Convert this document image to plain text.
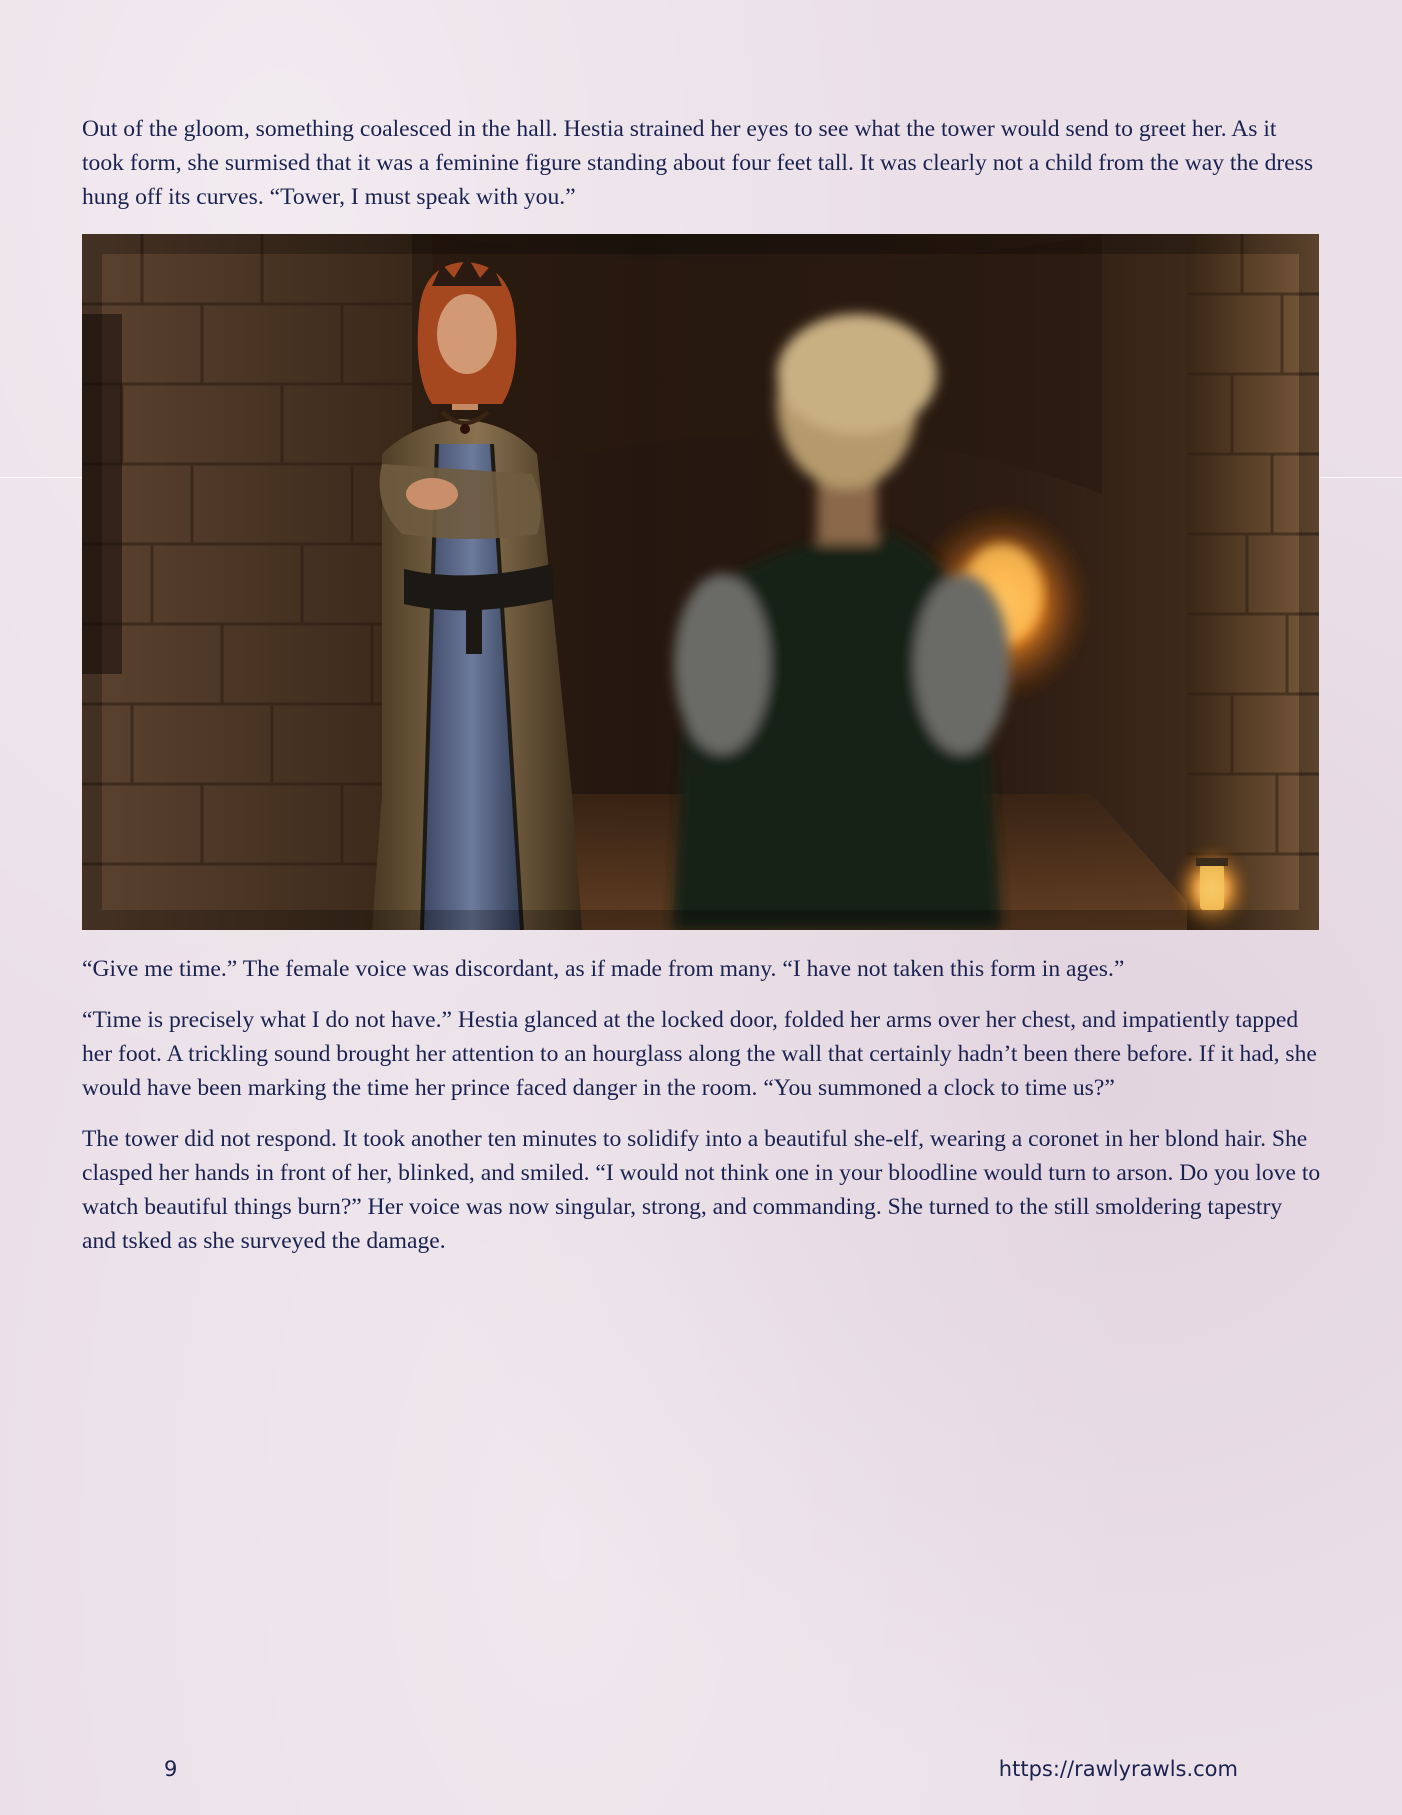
Out of the gloom, something coalesced in the hall. Hestia strained her eyes to see what the tower would send to greet her. As it took form, she surmised that it was a feminine figure standing about four feet tall. It was clearly not a child from the way the dress hung off its curves. “Tower, I must speak with you.”

“Give me time.” The female voice was discordant, as if made from many. “I have not taken this form in ages.”

“Time is precisely what I do not have.” Hestia glanced at the locked door, folded her arms over her chest, and impatiently tapped her foot. A trickling sound brought her attention to an hourglass along the wall that certainly hadn’t been there before. If it had, she would have been marking the time her prince faced danger in the room. “You summoned a clock to time us?”

The tower did not respond. It took another ten minutes to solidify into a beautiful she-elf, wearing a coronet in her blond hair. She clasped her hands in front of her, blinked, and smiled. “I would not think one in your bloodline would turn to arson. Do you love to watch beautiful things burn?” Her voice was now singular, strong, and commanding. She turned to the still smoldering tapestry and tsked as she surveyed the damage.

9	https://rawlyrawls.com
